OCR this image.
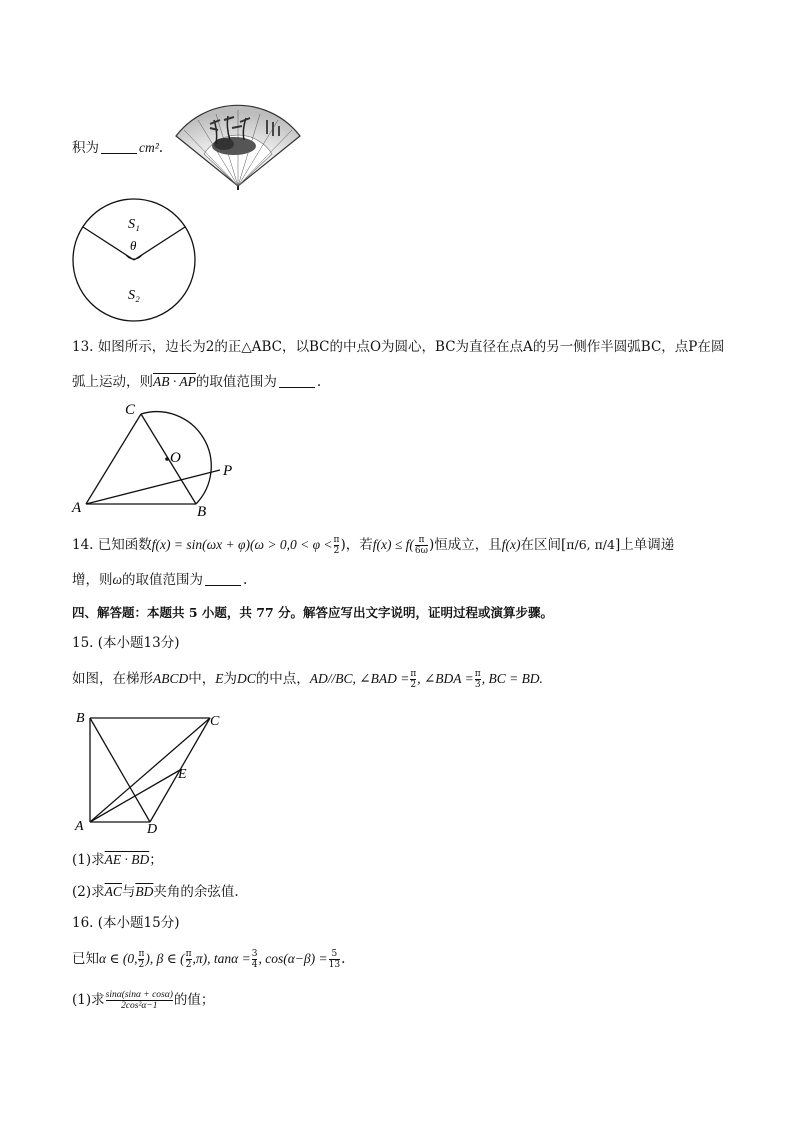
积为	cm².
S₁
θ
S₂
13. 如图所示，边长为2的正△ABC，以BC的中点O为圆心，BC为直径在点A的另一侧作半圆弧BC，点P在圆
弧上运动，则AB · AP的取值范围为	.
C
O
P
A	B
14. 已知函数$f(x) = \sin(\omega x + \varphi)(\omega > 0,0 < \varphi < \frac{\pi}{2}$ )，若$f(x) \le f( \frac{\pi}{6\omega}$ )恒成立，且f(x)在区间[π/6, π/4]上单调递
增，则ω的取值范围为	.
四、解答题：本题共 5 小题，共 77 分。解答应写出文字说明，证明过程或演算步骤。
15. (本小题13分)
如图，在梯形ABCD中，E为DC的中点，AD//BC, ∠BAD = $\frac{\pi}{2}$ , ∠BDA = $\frac{\pi}{3}$ , BC = BD.
B	C
E
A	D
(1)求AE · BD；
(2)求$\overline{AC}$与$\overline{BD}$夹角的余弦值.
16. (本小题15分)
已知α ∈ (0, $\frac{\pi}{2}$ ), β ∈ ( $\frac{\pi}{2} ,\pi$), $\tan\alpha = \frac{3}{4}$ , $\cos(\alpha-\beta) = \frac{5}{13}$ .
(1)求 $\frac{\sin\alpha(\sin\alpha + \cos\alpha)}{\text{2cos²α−1}}$ 的值；
